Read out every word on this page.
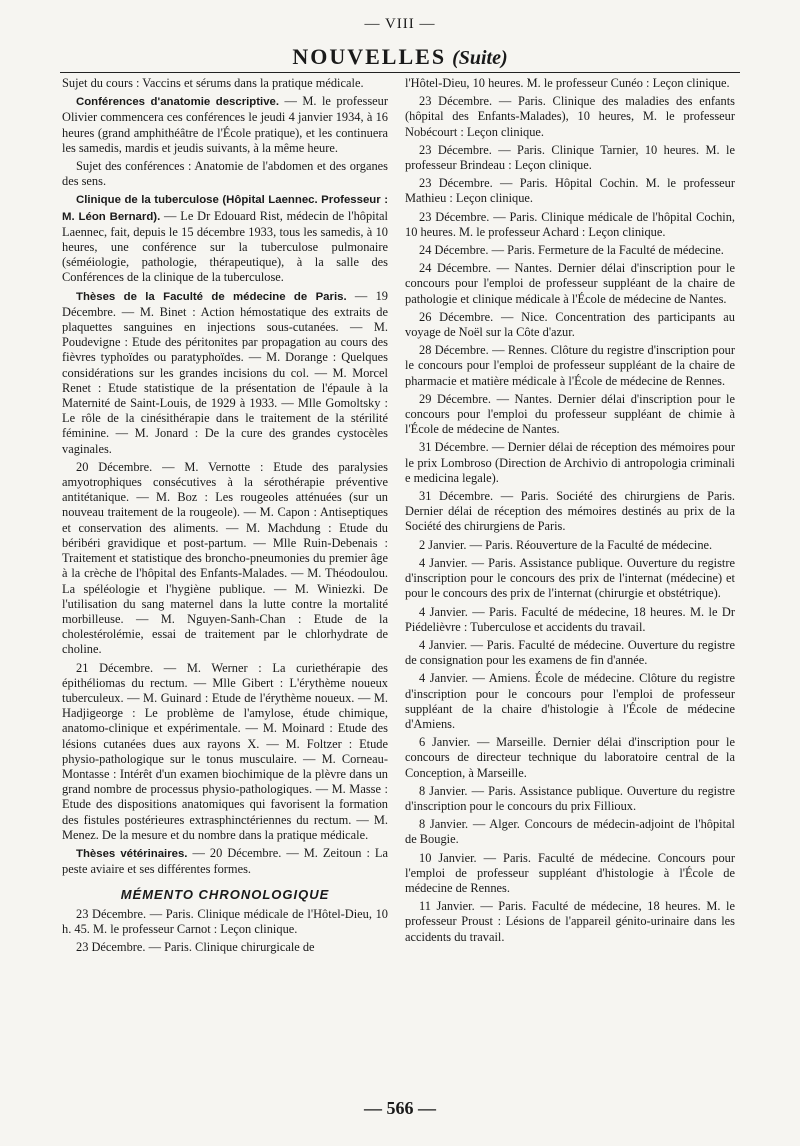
— VIII —
NOUVELLES (Suite)

Sujet du cours : Vaccins et sérums dans la pratique médicale.

Conférences d'anatomie descriptive. — M. le professeur Olivier commencera ces conférences le jeudi 4 janvier 1934, à 16 heures (grand amphithéâtre de l'École pratique), et les continuera les samedis, mardis et jeudis suivants, à la même heure.

Sujet des conférences : Anatomie de l'abdomen et des organes des sens.

Clinique de la tuberculose (Hôpital Laennec. Professeur : M. Léon Bernard). — Le Dr Edouard Rist, médecin de l'hôpital Laennec, fait, depuis le 15 décembre 1933, tous les samedis, à 10 heures, une conférence sur la tuberculose pulmonaire (séméiologie, pathologie, thérapeutique), à la salle des Conférences de la clinique de la tuberculose.

Thèses de la Faculté de médecine de Paris. — 19 Décembre. — M. Binet : Action hémostatique des extraits de plaquettes sanguines en injections sous-cutanées. — M. Poudevigne : Etude des péritonites par propagation au cours des fièvres typhoïdes ou paratyphoïdes. — M. Dorange : Quelques considérations sur les grandes incisions du col. — M. Morcel Renet : Etude statistique de la présentation de l'épaule à la Maternité de Saint-Louis, de 1929 à 1933. — Mlle Gomoltsky : Le rôle de la cinésithérapie dans le traitement de la stérilité féminine. — M. Jonard : De la cure des grandes cystocèles vaginales.

20 Décembre. — M. Vernotte : Etude des paralysies amyotrophiques consécutives à la sérothérapie préventive antitétanique. — M. Boz : Les rougeoles atténuées (sur un nouveau traitement de la rougeole). — M. Capon : Antiseptiques et conservation des aliments. — M. Machdung : Etude du béribéri gravidique et post-partum. — Mlle Ruin-Debenais : Traitement et statistique des broncho-pneumonies du premier âge à la crèche de l'hôpital des Enfants-Malades. — M. Théodoulou. La spéléologie et l'hygiène publique. — M. Winiezki. De l'utilisation du sang maternel dans la lutte contre la mortalité morbilleuse. — M. Nguyen-Sanh-Chan : Etude de la cholestérolémie, essai de traitement par le chlorhydrate de choline.

21 Décembre. — M. Werner : La curiethérapie des épithéliomas du rectum. — Mlle Gibert : L'érythème noueux tuberculeux. — M. Guinard : Etude de l'érythème noueux. — M. Hadjigeorge : Le problème de l'amylose, étude chimique, anatomo-clinique et expérimentale. — M. Moinard : Etude des lésions cutanées dues aux rayons X. — M. Foltzer : Etude physio-pathologique sur le tonus musculaire. — M. Corneau-Montasse : Intérêt d'un examen biochimique de la plèvre dans un grand nombre de processus physio-pathologiques. — M. Masse : Etude des dispositions anatomiques qui favorisent la formation des fistules postérieures extrasphinctériennes du rectum. — M. Menez. De la mesure et du nombre dans la pratique médicale.

Thèses vétérinaires. — 20 Décembre. — M. Zeitoun : La peste aviaire et ses différentes formes.

MÉMENTO CHRONOLOGIQUE

23 Décembre. — Paris. Clinique médicale de l'Hôtel-Dieu, 10 h. 45. M. le professeur Carnot : Leçon clinique.

23 Décembre. — Paris. Clinique chirurgicale de

l'Hôtel-Dieu, 10 heures. M. le professeur Cunéo : Leçon clinique.

23 Décembre. — Paris. Clinique des maladies des enfants (hôpital des Enfants-Malades), 10 heures, M. le professeur Nobécourt : Leçon clinique.

23 Décembre. — Paris. Clinique Tarnier, 10 heures. M. le professeur Brindeau : Leçon clinique.

23 Décembre. — Paris. Hôpital Cochin. M. le professeur Mathieu : Leçon clinique.

23 Décembre. — Paris. Clinique médicale de l'hôpital Cochin, 10 heures. M. le professeur Achard : Leçon clinique.

24 Décembre. — Paris. Fermeture de la Faculté de médecine.

24 Décembre. — Nantes. Dernier délai d'inscription pour le concours pour l'emploi de professeur suppléant de la chaire de pathologie et clinique médicale à l'École de médecine de Nantes.

26 Décembre. — Nice. Concentration des participants au voyage de Noël sur la Côte d'azur.

28 Décembre. — Rennes. Clôture du registre d'inscription pour le concours pour l'emploi de professeur suppléant de la chaire de pharmacie et matière médicale à l'École de médecine de Rennes.

29 Décembre. — Nantes. Dernier délai d'inscription pour le concours pour l'emploi du professeur suppléant de chimie à l'École de médecine de Nantes.

31 Décembre. — Dernier délai de réception des mémoires pour le prix Lombroso (Direction de Archivio di antropologia criminali e medicina legale).

31 Décembre. — Paris. Société des chirurgiens de Paris. Dernier délai de réception des mémoires destinés au prix de la Société des chirurgiens de Paris.

2 Janvier. — Paris. Réouverture de la Faculté de médecine.

4 Janvier. — Paris. Assistance publique. Ouverture du registre d'inscription pour le concours des prix de l'internat (médecine) et pour le concours des prix de l'internat (chirurgie et obstétrique).

4 Janvier. — Paris. Faculté de médecine, 18 heures. M. le Dr Piédelièvre : Tuberculose et accidents du travail.

4 Janvier. — Paris. Faculté de médecine. Ouverture du registre de consignation pour les examens de fin d'année.

4 Janvier. — Amiens. École de médecine. Clôture du registre d'inscription pour le concours pour l'emploi de professeur suppléant de la chaire d'histologie à l'École de médecine d'Amiens.

6 Janvier. — Marseille. Dernier délai d'inscription pour le concours de directeur technique du laboratoire central de la Conception, à Marseille.

8 Janvier. — Paris. Assistance publique. Ouverture du registre d'inscription pour le concours du prix Fillioux.

8 Janvier. — Alger. Concours de médecin-adjoint de l'hôpital de Bougie.

10 Janvier. — Paris. Faculté de médecine. Concours pour l'emploi de professeur suppléant d'histologie à l'École de médecine de Rennes.

11 Janvier. — Paris. Faculté de médecine, 18 heures. M. le professeur Proust : Lésions de l'appareil génito-urinaire dans les accidents du travail.

— 566 —
